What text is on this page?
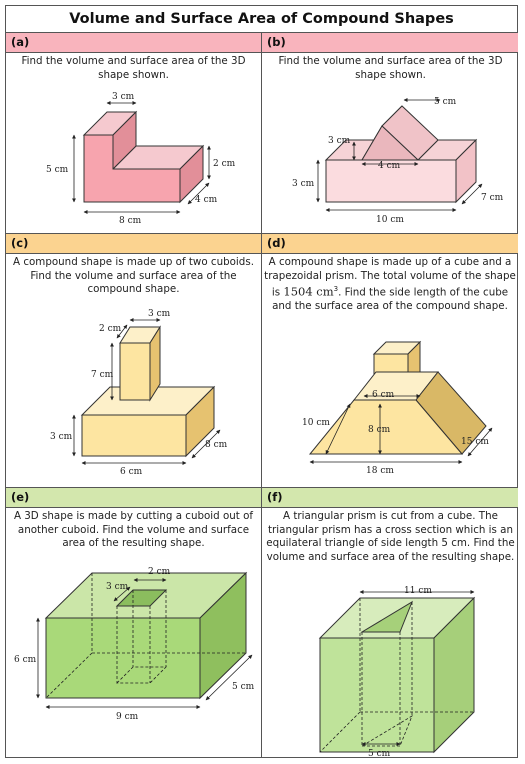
Volume and Surface Area of Compound Shapes
(a)	(b)
(c)	(d)
(e)	(f)
Find the volume and surface area of the 3D shape shown.
Find the volume and surface area of the 3D shape shown.
A compound shape is made up of two cuboids. Find the volume and surface area of the compound shape.
A compound shape is made up of a cube and a trapezoidal prism. The total volume of the shape is 1504 $cm^3$. Find the side length of the cube and the surface area of the compound shape.
A 3D shape is made by cutting a cuboid out of another cuboid. Find the volume and surface area of the resulting shape.
A triangular prism is cut from a cube. The triangular prism has a cross section which is an equilateral triangle of side length 5 cm. Find the volume and surface area of the resulting shape.
3 cm
5 cm
2 cm
4 cm
8 cm
5 cm
3 cm
4 cm
3 cm
7 cm
10 cm
3 cm
2 cm
7 cm
3 cm
8 cm
6 cm
6 cm
10 cm
8 cm
15 cm
18 cm
2 cm
3 cm
6 cm
5 cm
9 cm
11 cm
5 cm
